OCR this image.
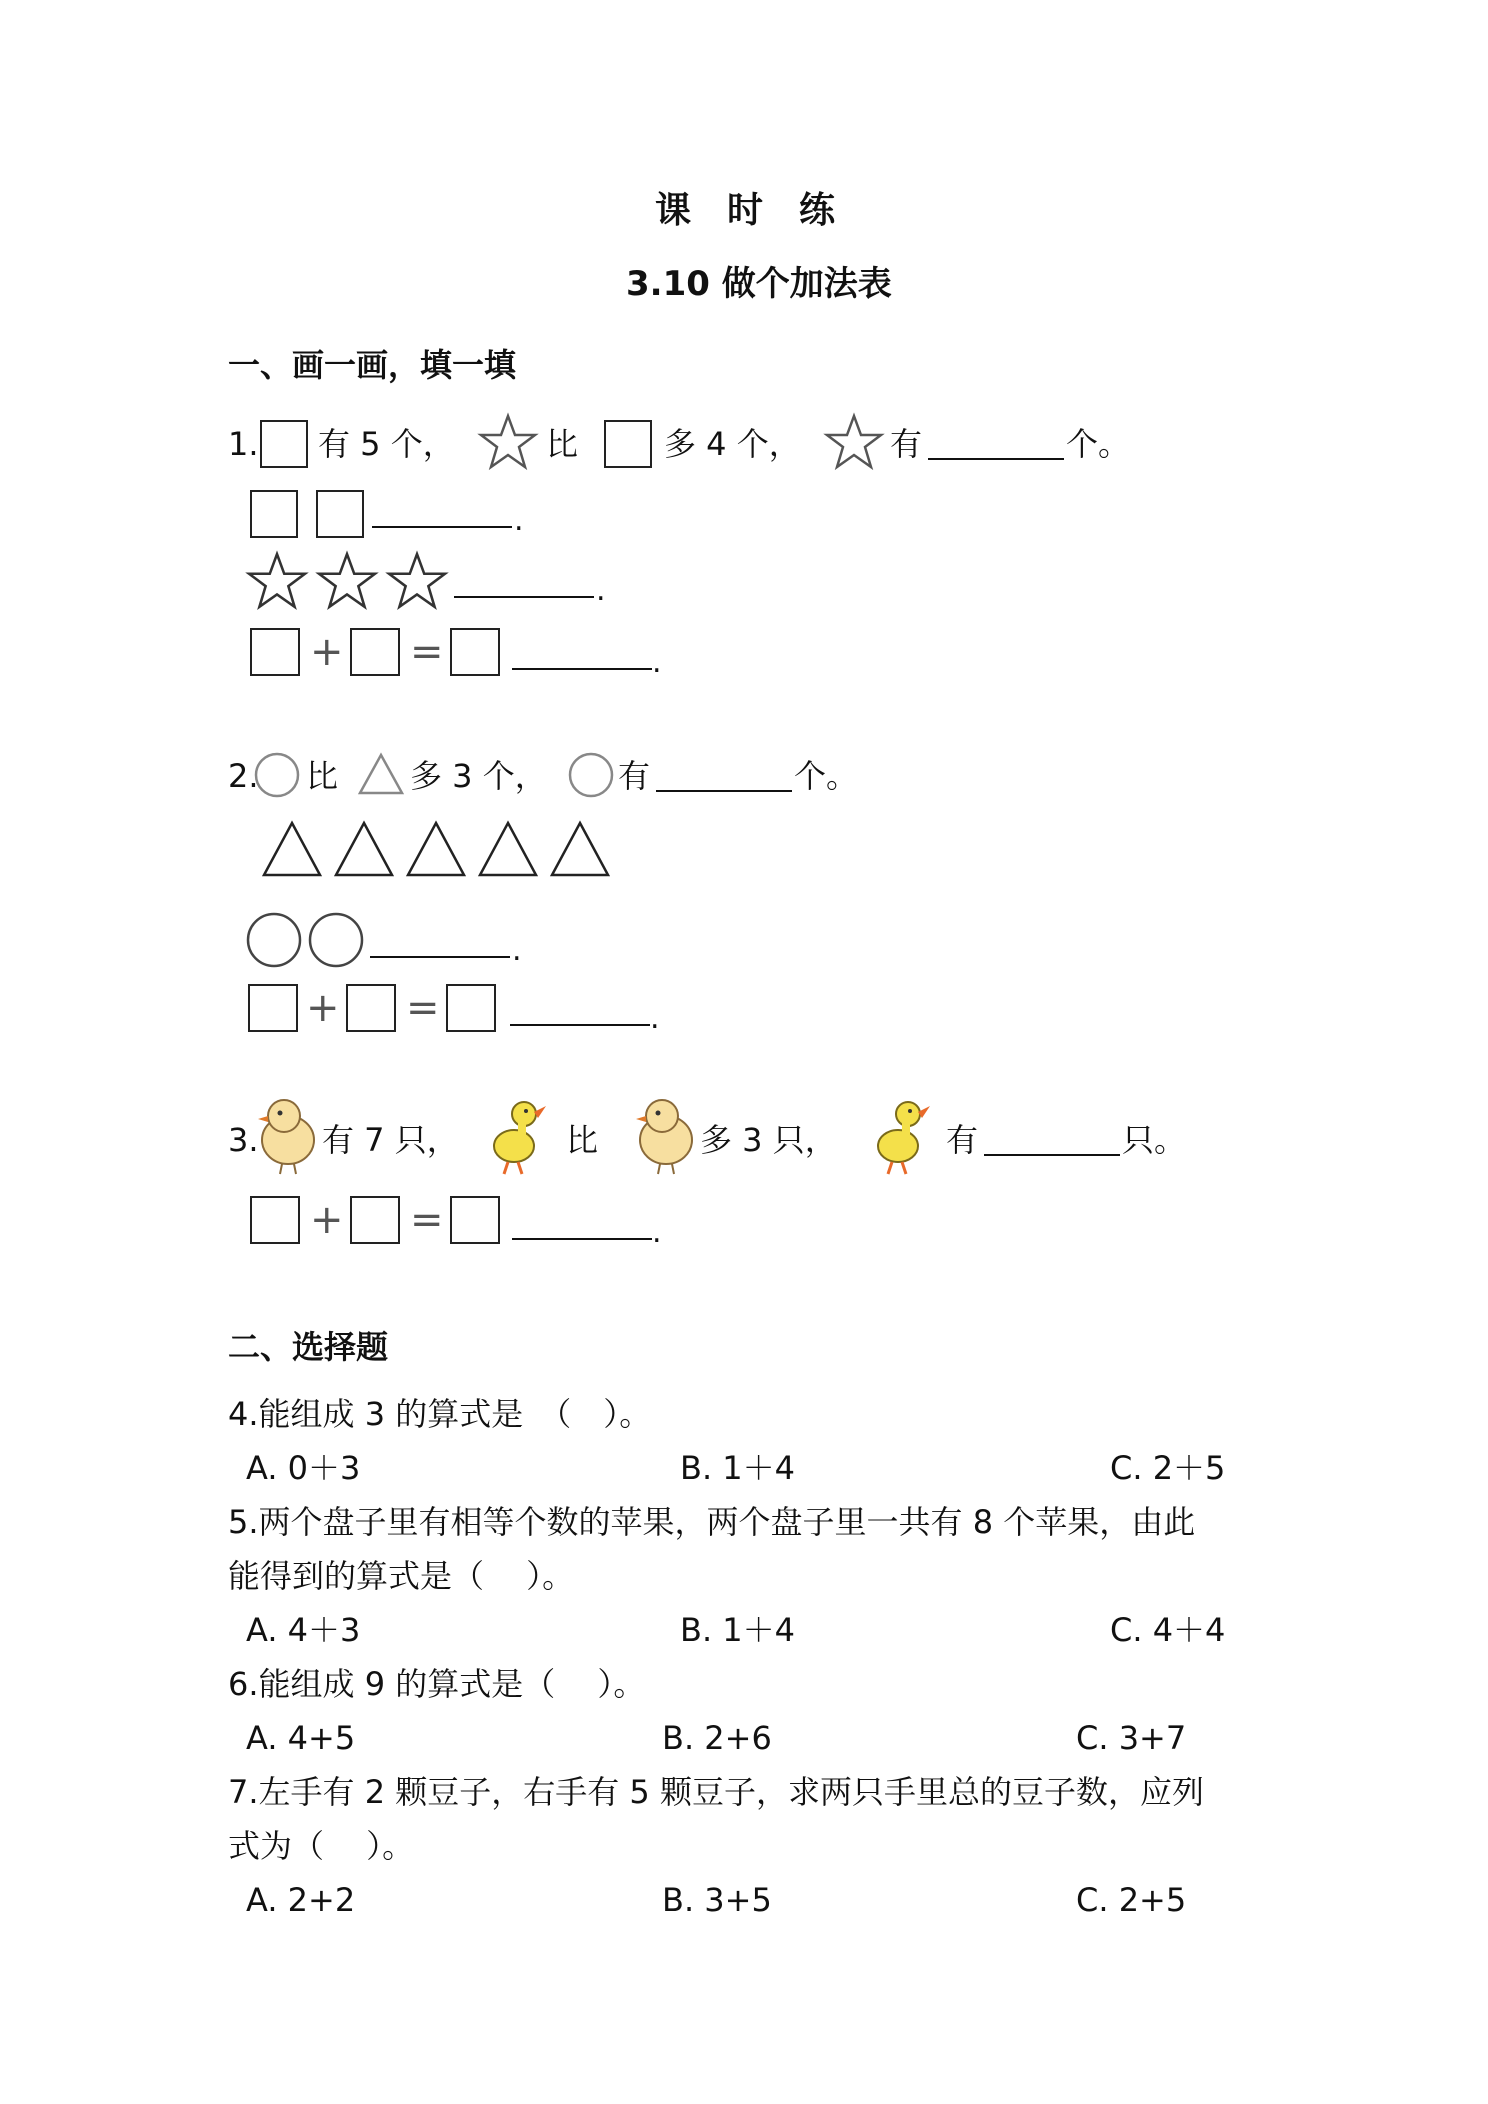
课　时　练
3.10 做个加法表
一、画一画，填一填
1. 有 5 个，	比	多 4 个，	有	个。
.
.
+ =	.
2. 比 多 3 个， 有	个。
.
+ =	.
3. 有 7 只，	比	多 3 只，	有	只。
+ =	.
二、选择题
4.能组成 3 的算式是　（　）。
A. 0＋3	B. 1＋4	C. 2＋5
5.两个盘子里有相等个数的苹果，两个盘子里一共有 8 个苹果，由此
能得到的算式是（　 ）。
A. 4＋3	B. 1＋4	C. 4＋4
6.能组成 9 的算式是（　 ）。
A. 4+5	B. 2+6	C. 3+7
7.左手有 2 颗豆子，右手有 5 颗豆子，求两只手里总的豆子数，应列
式为（　 ）。
A. 2+2	B. 3+5	C. 2+5
